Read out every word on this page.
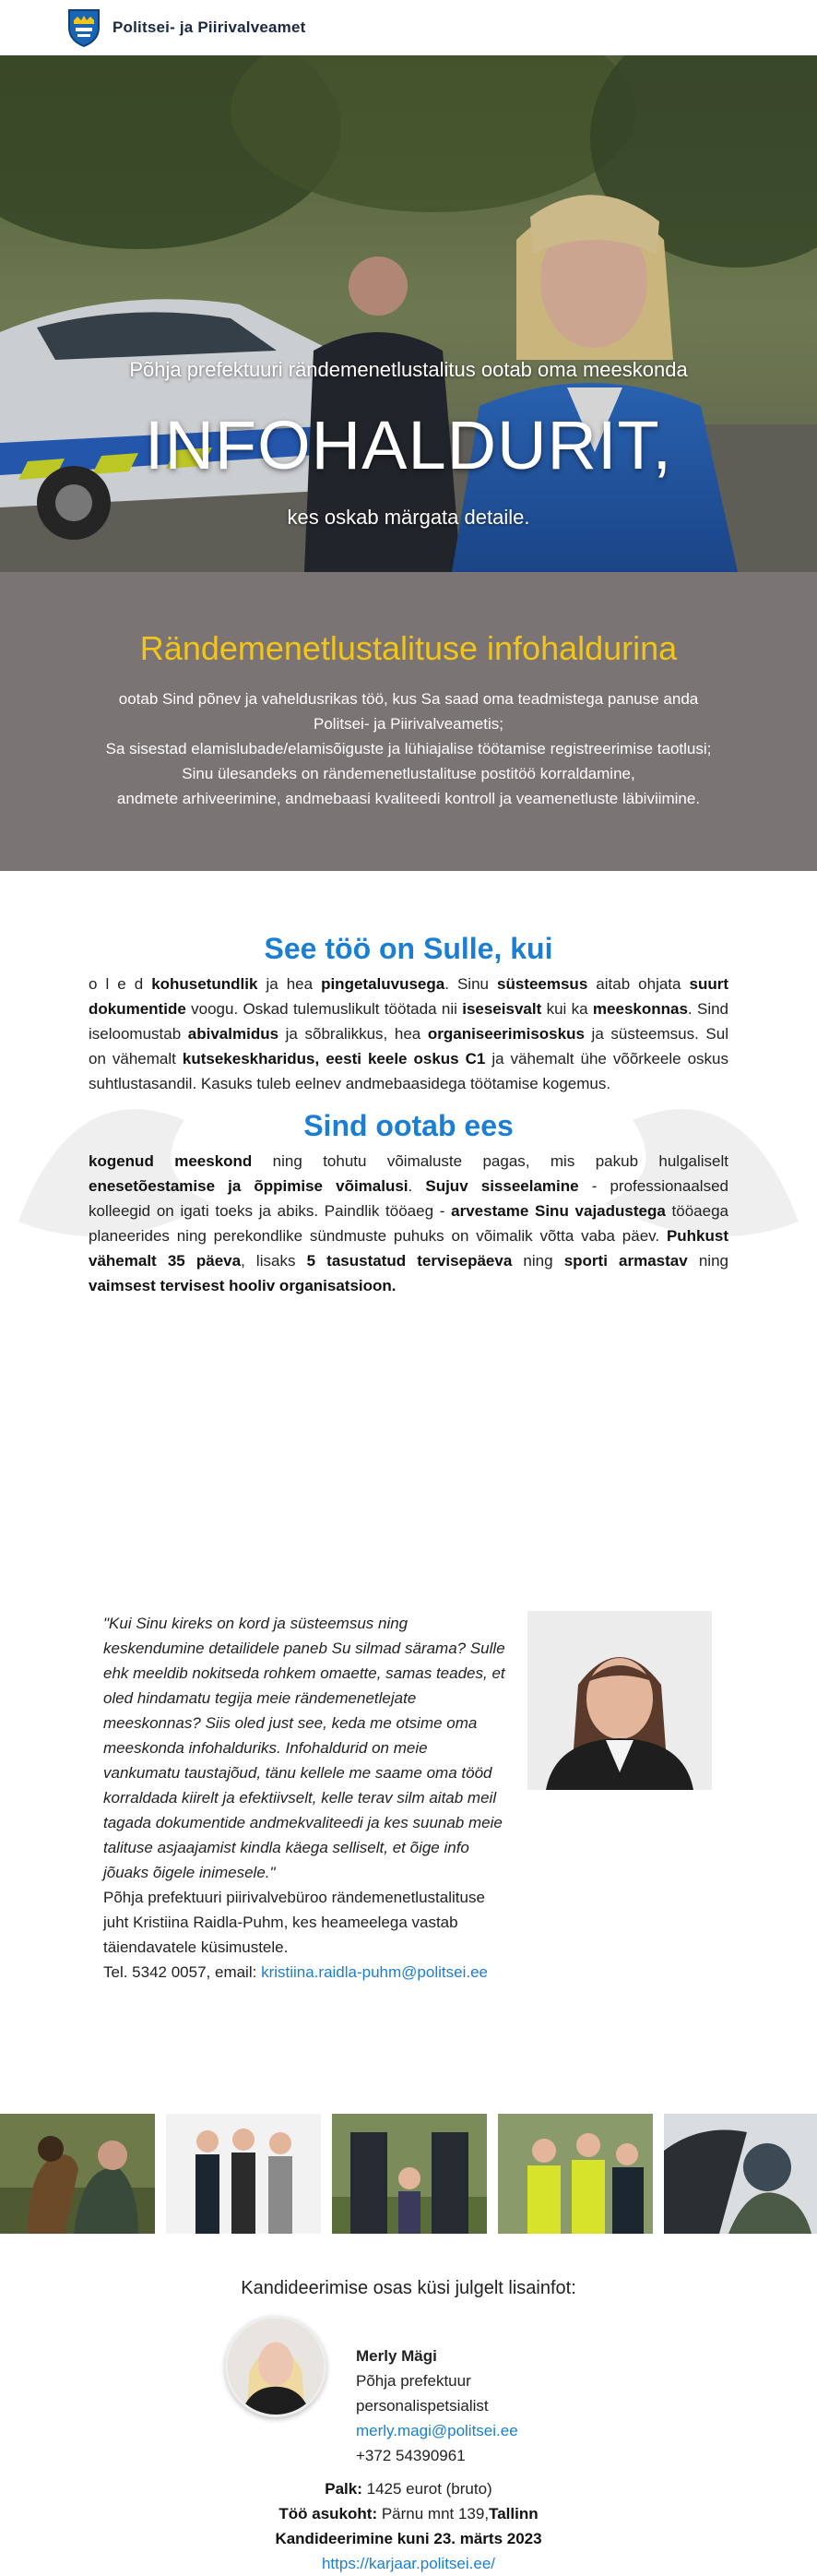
Politsei- ja Piirivalveamet
Põhja prefektuuri rändemenetlustalitus ootab oma meeskonda
INFOHALDURIT,
kes oskab märgata detaile.
Rändemenetlustalituse infohaldurina

ootab Sind põnev ja vaheldusrikas töö, kus Sa saad oma teadmistega panuse anda

Politsei- ja Piirivalveametis;

Sa sisestad elamislubade/elamisõiguste ja lühiajalise töötamise registreerimise taotlusi;

Sinu ülesandeks on rändemenetlustalituse postitöö korraldamine,

andmete arhiveerimine, andmebaasi kvaliteedi kontroll ja veamenetluste läbiviimine.

See töö on Sulle, kui

o l e d kohusetundlik ja hea pingetaluvusega. Sinu süsteemsus aitab ohjata suurt dokumentide voogu. Oskad tulemuslikult töötada nii iseseisvalt kui ka meeskonnas. Sind iseloomustab abivalmidus ja sõbralikkus, hea organiseerimisoskus ja süsteemsus. Sul on vähemalt kutsekeskharidus, eesti keele oskus C1 ja vähemalt ühe võõrkeele oskus suhtlustasandil. Kasuks tuleb eelnev andmebaasidega töötamise kogemus.

Sind ootab ees

kogenud meeskond ning tohutu võimaluste pagas, mis pakub hulgaliselt enesetõestamise ja õppimise võimalusi. Sujuv sisseelamine - professionaalsed kolleegid on igati toeks ja abiks. Paindlik tööaeg - arvestame Sinu vajadustega tööaega planeerides ning perekondlike sündmuste puhuks on võimalik võtta vaba päev. Puhkust vähemalt 35 päeva, lisaks 5 tasustatud tervisepäeva ning sporti armastav ning vaimsest tervisest hooliv organisatsioon.

"Kui Sinu kireks on kord ja süsteemsus ning keskendumine detailidele paneb Su silmad särama? Sulle ehk meeldib nokitseda rohkem omaette, samas teades, et oled hindamatu tegija meie rändemenetlejate meeskonnas? Siis oled just see, keda me otsime oma meeskonda infohalduriks. Infohaldurid on meie vankumatu taustajõud, tänu kellele me saame oma tööd korraldada kiirelt ja efektiivselt, kelle terav silm aitab meil tagada dokumentide andmekvaliteedi ja kes suunab meie talituse asjaajamist kindla käega selliselt, et õige info jõuaks õigele inimesele."
Põhja prefektuuri piirivalvebüroo rändemenetlustalituse juht Kristiina Raidla-Puhm, kes heameelega vastab täiendavatele küsimustele.
Tel. 5342 0057, email: kristiina.raidla-puhm@politsei.ee
Kandideerimise osas küsi julgelt lisainfot:
Merly Mägi
Põhja prefektuur
personalispetsialist
merly.magi@politsei.ee
+372 54390961
Palk: 1425 eurot (bruto)
Töö asukoht: Pärnu mnt 139,Tallinn
Kandideerimine kuni 23. märts 2023
https://karjaar.politsei.ee/
